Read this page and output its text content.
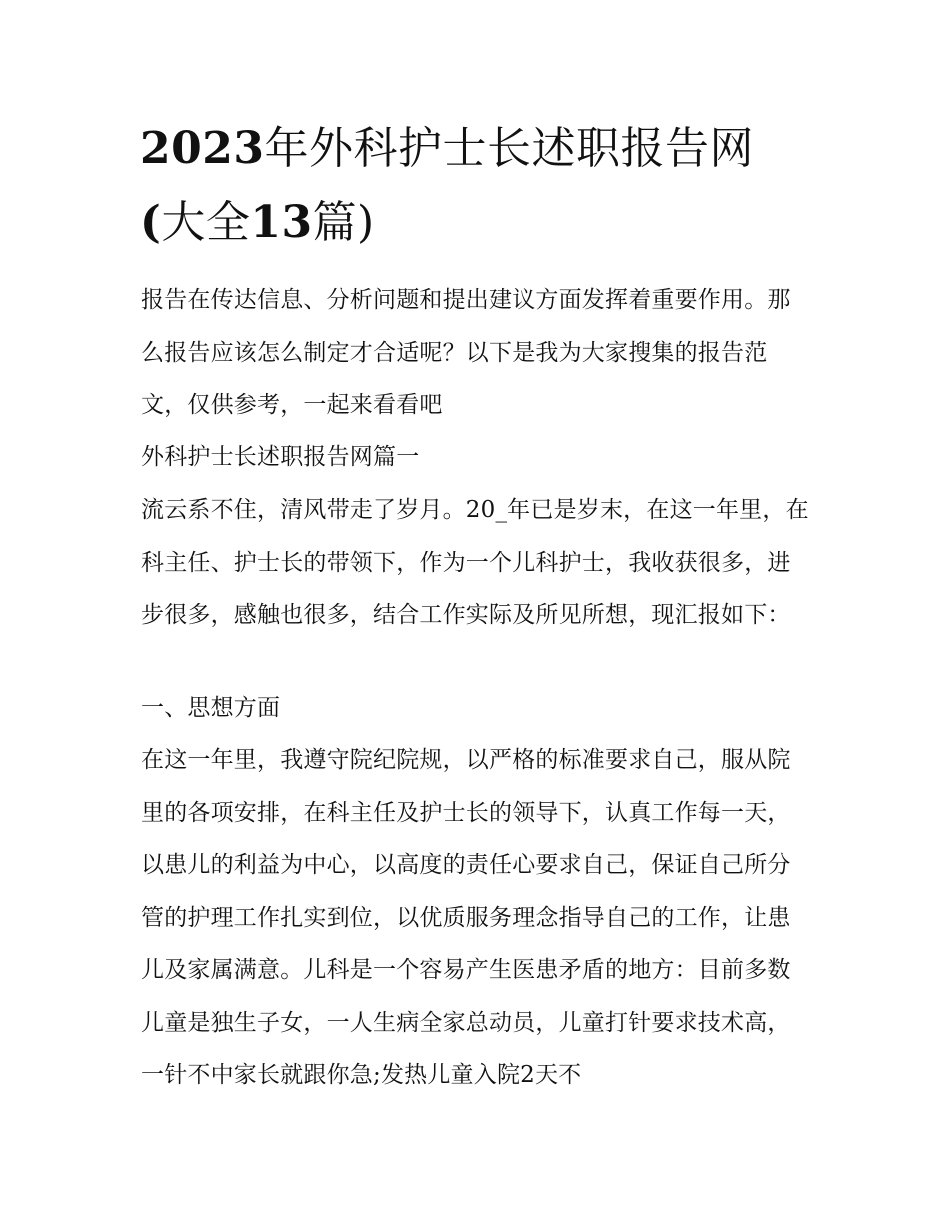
2023年外科护士长述职报告网
(大全13篇)

报告在传达信息、分析问题和提出建议方面发挥着重要作用。那么报告应该怎么制定才合适呢？以下是我为大家搜集的报告范文，仅供参考，一起来看看吧

外科护士长述职报告网篇一

流云系不住，清风带走了岁月。20_年已是岁末，在这一年里，在科主任、护士长的带领下，作为一个儿科护士，我收获很多，进步很多，感触也很多，结合工作实际及所见所想，现汇报如下：

一、思想方面

在这一年里，我遵守院纪院规，以严格的标准要求自己，服从院里的各项安排，在科主任及护士长的领导下，认真工作每一天，以患儿的利益为中心，以高度的责任心要求自己，保证自己所分管的护理工作扎实到位，以优质服务理念指导自己的工作，让患儿及家属满意。儿科是一个容易产生医患矛盾的地方：目前多数儿童是独生子女，一人生病全家总动员，儿童打针要求技术高，一针不中家长就跟你急;发热儿童入院2天不
